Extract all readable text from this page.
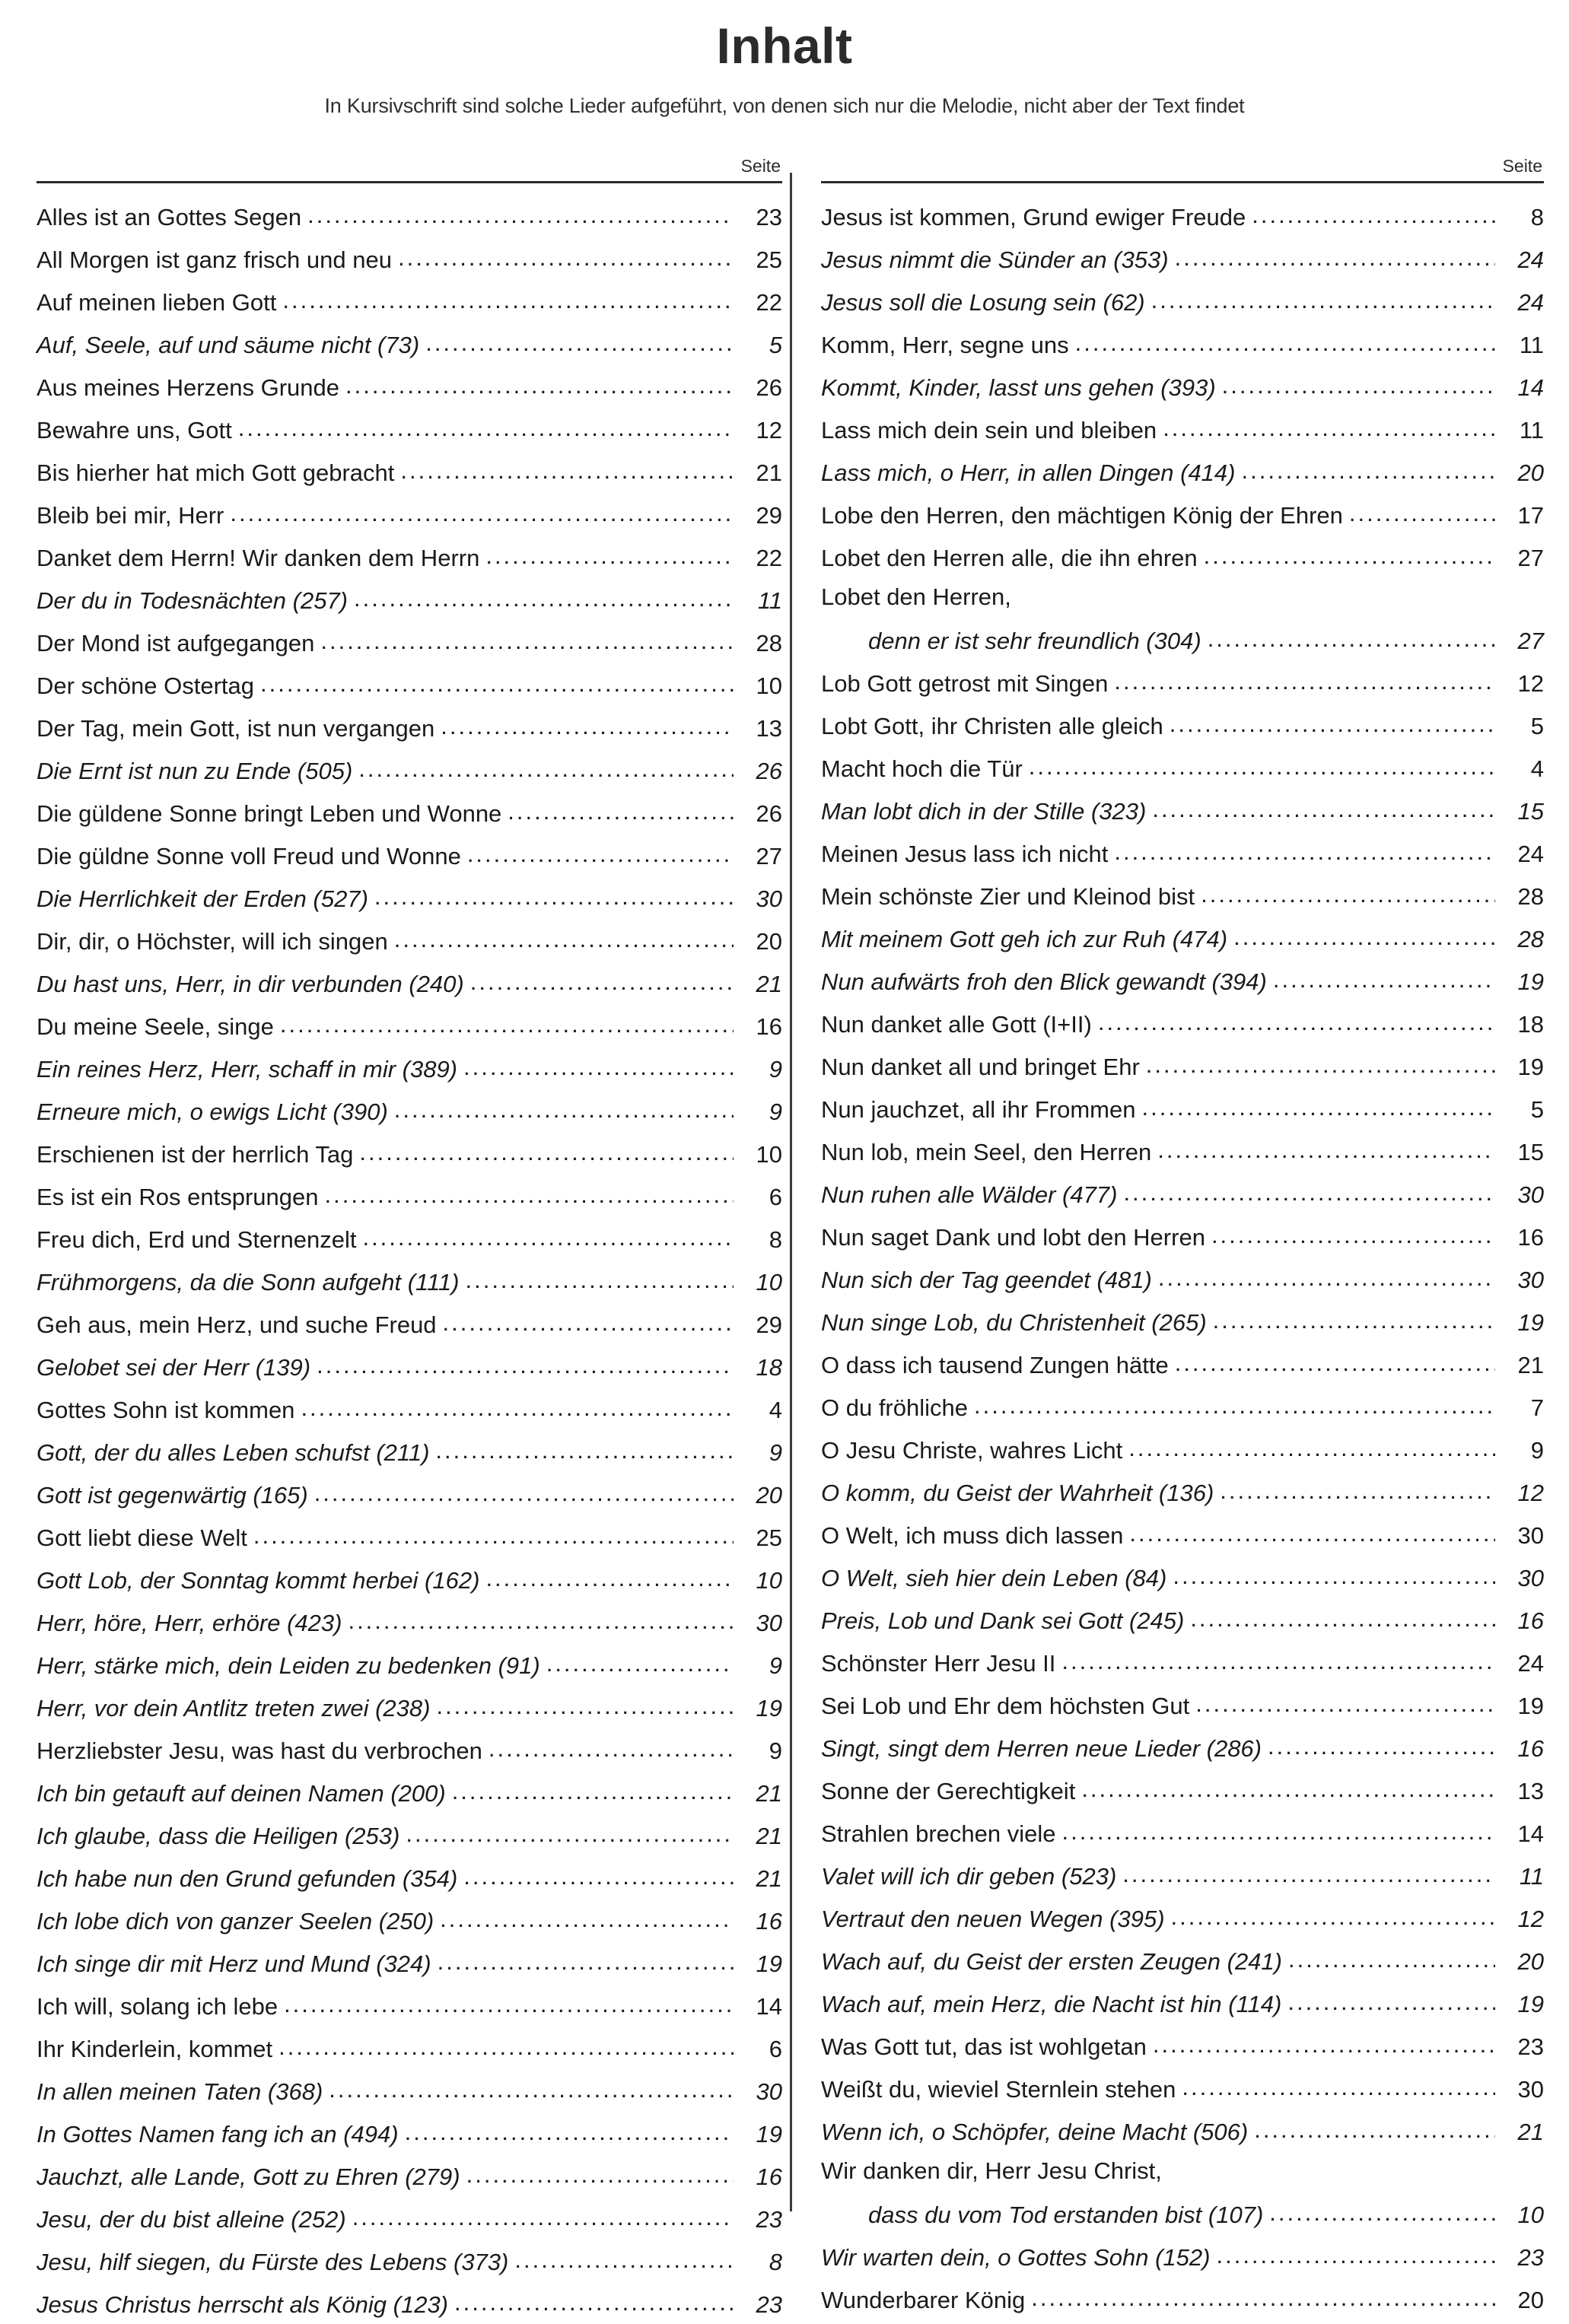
Inhalt

In Kursivschrift sind solche Lieder aufgeführt, von denen sich nur die Melodie, nicht aber der Text findet

Seite
Alles ist an Gottes Segen .....	23
All Morgen ist ganz frisch und neu .....	25
Auf meinen lieben Gott .....	22
Auf, Seele, auf und säume nicht (73) .....	5
Aus meines Herzens Grunde .....	26
Bewahre uns, Gott .....	12
Bis hierher hat mich Gott gebracht .....	21
Bleib bei mir, Herr .....	29
Danket dem Herrn! Wir danken dem Herrn .....	22
Der du in Todesnächten (257) .....	11
Der Mond ist aufgegangen .....	28
Der schöne Ostertag .....	10
Der Tag, mein Gott, ist nun vergangen .....	13
Die Ernt ist nun zu Ende (505) .....	26
Die güldene Sonne bringt Leben und Wonne .....	26
Die güldne Sonne voll Freud und Wonne .....	27
Die Herrlichkeit der Erden (527) .....	30
Dir, dir, o Höchster, will ich singen .....	20
Du hast uns, Herr, in dir verbunden (240) .....	21
Du meine Seele, singe .....	16
Ein reines Herz, Herr, schaff in mir (389) .....	9
Erneure mich, o ewigs Licht (390) .....	9
Erschienen ist der herrlich Tag .....	10
Es ist ein Ros entsprungen .....	6
Freu dich, Erd und Sternenzelt .....	8
Frühmorgens, da die Sonn aufgeht (111) .....	10
Geh aus, mein Herz, und suche Freud .....	29
Gelobet sei der Herr (139) .....	18
Gottes Sohn ist kommen .....	4
Gott, der du alles Leben schufst (211) .....	9
Gott ist gegenwärtig (165) .....	20
Gott liebt diese Welt .....	25
Gott Lob, der Sonntag kommt herbei (162) .....	10
Herr, höre, Herr, erhöre (423) .....	30
Herr, stärke mich, dein Leiden zu bedenken (91) .....	9
Herr, vor dein Antlitz treten zwei (238) .....	19
Herzliebster Jesu, was hast du verbrochen .....	9
Ich bin getauft auf deinen Namen (200) .....	21
Ich glaube, dass die Heiligen (253) .....	21
Ich habe nun den Grund gefunden (354) .....	21
Ich lobe dich von ganzer Seelen (250) .....	16
Ich singe dir mit Herz und Mund (324) .....	19
Ich will, solang ich lebe .....	14
Ihr Kinderlein, kommet .....	6
In allen meinen Taten (368) .....	30
In Gottes Namen fang ich an (494) .....	19
Jauchzt, alle Lande, Gott zu Ehren (279) .....	16
Jesu, der du bist alleine (252) .....	23
Jesu, hilf siegen, du Fürste des Lebens (373) .....	8
Jesus Christus herrscht als König (123) .....	23
Seite
Jesus ist kommen, Grund ewiger Freude .....	8
Jesus nimmt die Sünder an (353) .....	24
Jesus soll die Losung sein (62) .....	24
Komm, Herr, segne uns .....	11
Kommt, Kinder, lasst uns gehen (393) .....	14
Lass mich dein sein und bleiben .....	11
Lass mich, o Herr, in allen Dingen (414) .....	20
Lobe den Herren, den mächtigen König der Ehren .....	17
Lobet den Herren alle, die ihn ehren .....	27
Lobet den Herren,
denn er ist sehr freundlich (304) .....	27
Lob Gott getrost mit Singen .....	12
Lobt Gott, ihr Christen alle gleich .....	5
Macht hoch die Tür .....	4
Man lobt dich in der Stille (323) .....	15
Meinen Jesus lass ich nicht .....	24
Mein schönste Zier und Kleinod bist .....	28
Mit meinem Gott geh ich zur Ruh (474) .....	28
Nun aufwärts froh den Blick gewandt (394) .....	19
Nun danket alle Gott (I+II) .....	18
Nun danket all und bringet Ehr .....	19
Nun jauchzet, all ihr Frommen .....	5
Nun lob, mein Seel, den Herren .....	15
Nun ruhen alle Wälder (477) .....	30
Nun saget Dank und lobt den Herren .....	16
Nun sich der Tag geendet (481) .....	30
Nun singe Lob, du Christenheit (265) .....	19
O dass ich tausend Zungen hätte .....	21
O du fröhliche .....	7
O Jesu Christe, wahres Licht .....	9
O komm, du Geist der Wahrheit (136) .....	12
O Welt, ich muss dich lassen .....	30
O Welt, sieh hier dein Leben (84) .....	30
Preis, Lob und Dank sei Gott (245) .....	16
Schönster Herr Jesu II .....	24
Sei Lob und Ehr dem höchsten Gut .....	19
Singt, singt dem Herren neue Lieder (286) .....	16
Sonne der Gerechtigkeit .....	13
Strahlen brechen viele .....	14
Valet will ich dir geben (523) .....	11
Vertraut den neuen Wegen (395) .....	12
Wach auf, du Geist der ersten Zeugen (241) .....	20
Wach auf, mein Herz, die Nacht ist hin (114) .....	19
Was Gott tut, das ist wohlgetan .....	23
Weißt du, wieviel Sternlein stehen .....	30
Wenn ich, o Schöpfer, deine Macht (506) .....	21
Wir danken dir, Herr Jesu Christ,
dass du vom Tod erstanden bist (107) .....	10
Wir warten dein, o Gottes Sohn (152) .....	23
Wunderbarer König .....	20
